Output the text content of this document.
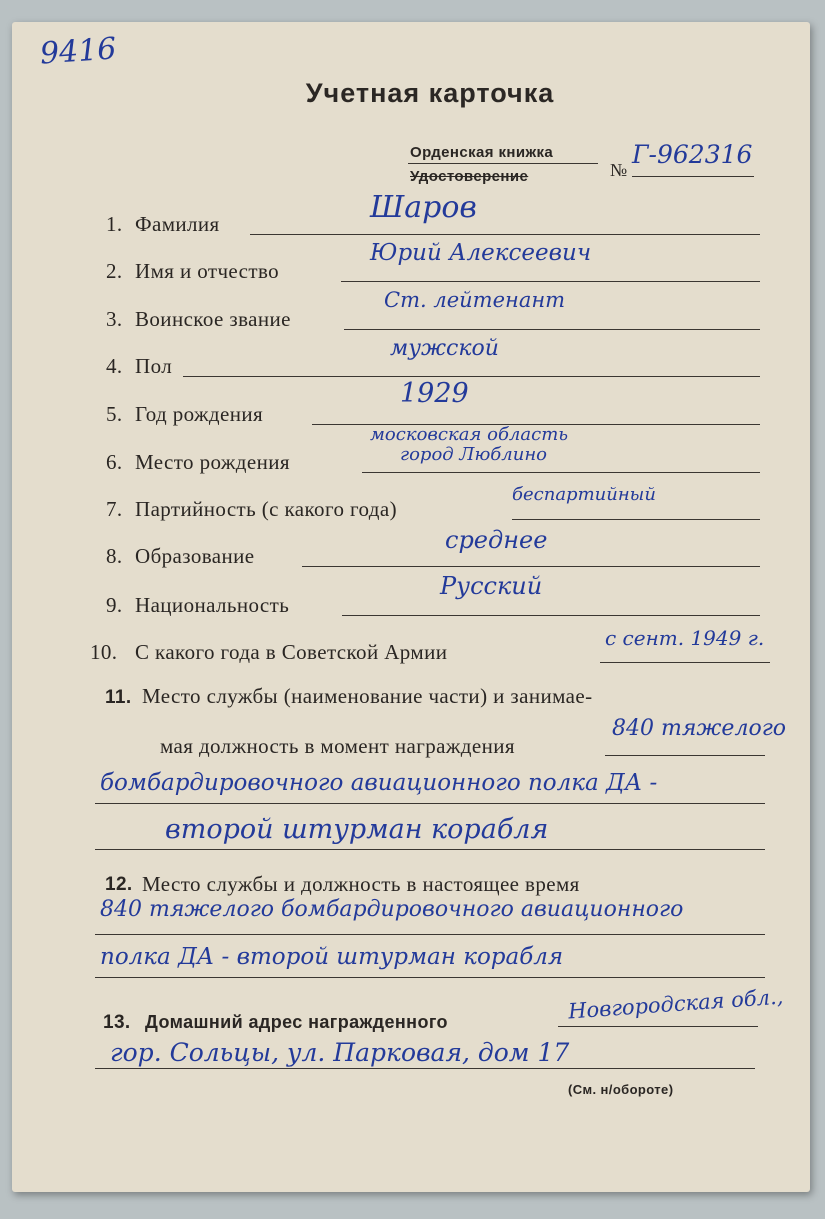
9416
Учетная карточка
Орденская книжка
Удостоверение	№
Г-962316
1. Фамилия	Шаров
2. Имя и отчество
Юрий Алексеевич
3. Воинское звание
Ст. лейтенант
4. Пол
мужской
5. Год рождения
1929
6. Место рождения
московская область
город Люблино
7. Партийность (с какого года)
беспартийный
8. Образование
среднее
9. Национальность
Русский
10. С какого года в Советской Армии
с сент. 1949 г.
11. Место службы (наименование части) и занимае-
мая должность в момент награждения
840 тяжелого
бомбардировочного авиационного полка ДА -
второй штурман корабля
12. Место службы и должность в настоящее время
840 тяжелого бомбардировочного авиационного
полка ДА - второй штурман корабля
13. Домашний адрес награжденного	Новгородская обл.,
гор. Сольцы, ул. Парковая, дом 17
(См. н/обороте)
